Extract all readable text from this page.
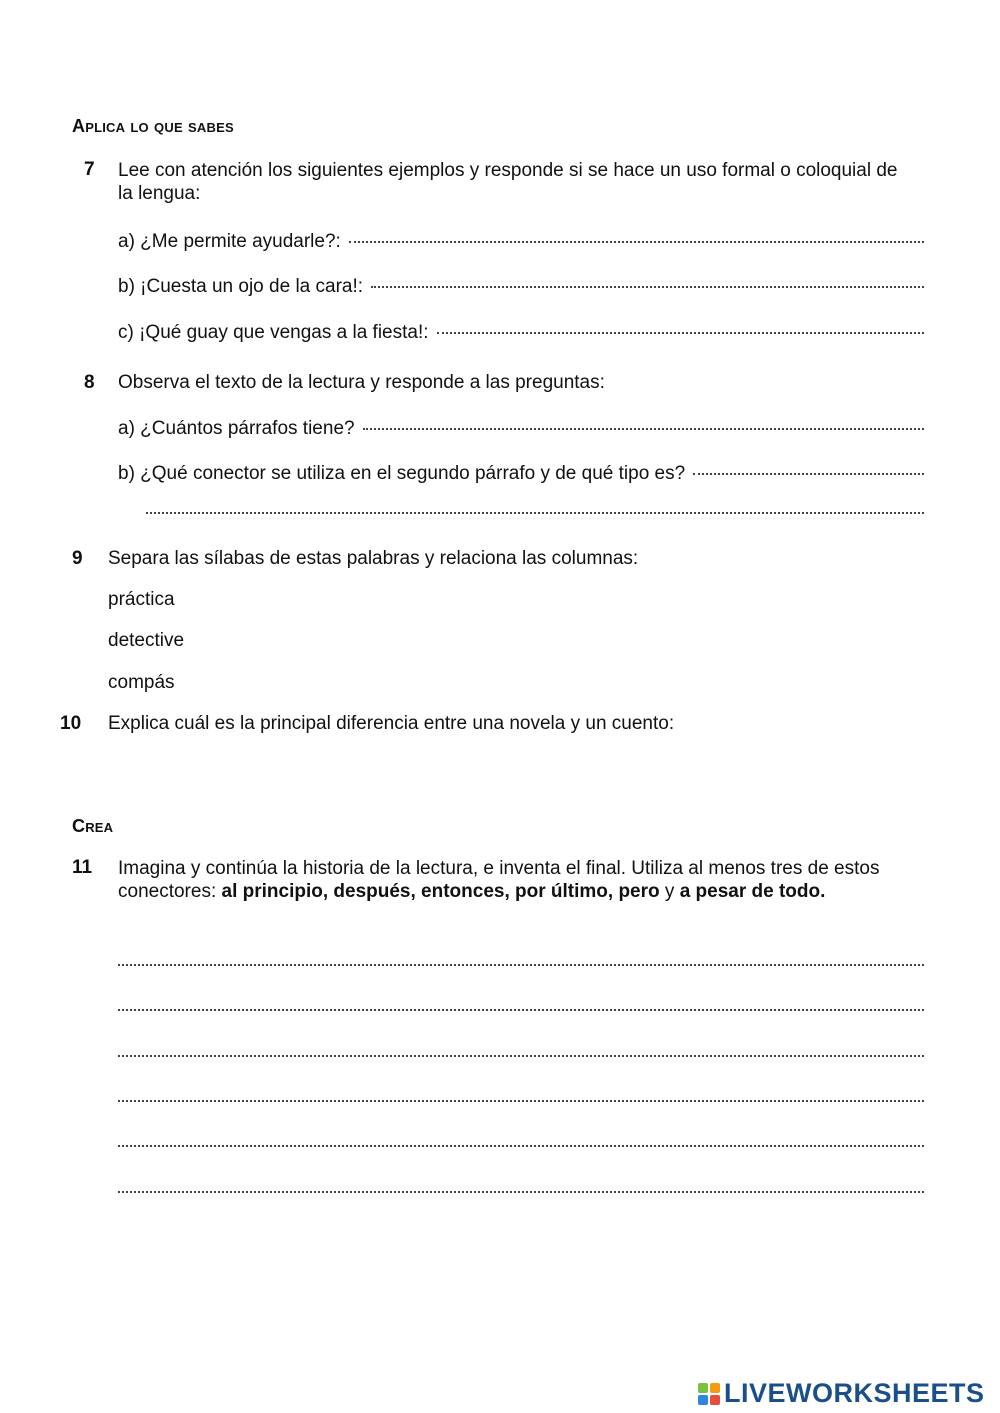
Aplica lo que sabes
7 Lee con atención los siguientes ejemplos y responde si se hace un uso formal o coloquial de la lengua:
a) ¿Me permite ayudarle?:
b) ¡Cuesta un ojo de la cara!:
c) ¡Qué guay que vengas a la fiesta!:
8 Observa el texto de la lectura y responde a las preguntas:
a) ¿Cuántos párrafos tiene?
b) ¿Qué conector se utiliza en el segundo párrafo y de qué tipo es?
9 Separa las sílabas de estas palabras y relaciona las columnas:
práctica
detective
compás
10 Explica cuál es la principal diferencia entre una novela y un cuento:
Crea
11 Imagina y continúa la historia de la lectura, e inventa el final. Utiliza al menos tres de estos conectores: al principio, después, entonces, por último, pero y a pesar de todo.
LIVEWORKSHEETS
